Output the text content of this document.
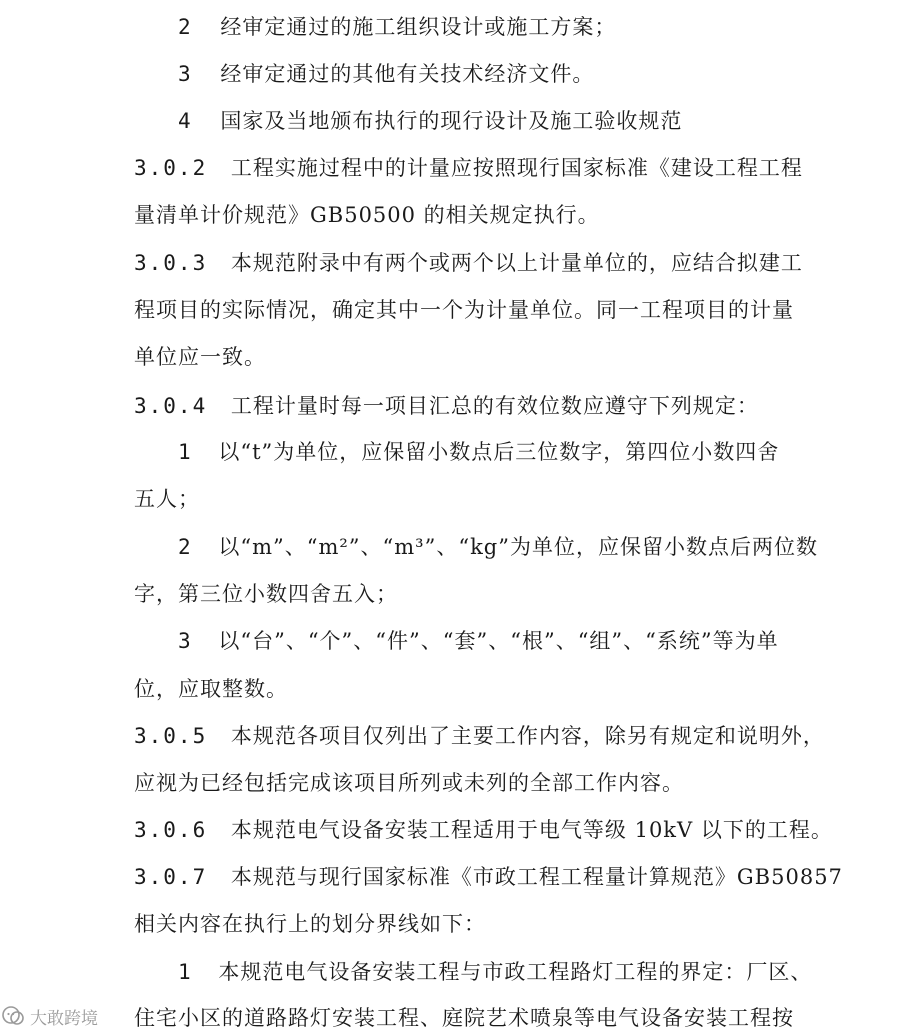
2 经审定通过的施工组织设计或施工方案；
3 经审定通过的其他有关技术经济文件。
4 国家及当地颁布执行的现行设计及施工验收规范
3.0.2 工程实施过程中的计量应按照现行国家标准《建设工程工程
量清单计价规范》GB50500 的相关规定执行。
3.0.3 本规范附录中有两个或两个以上计量单位的，应结合拟建工
程项目的实际情况，确定其中一个为计量单位。同一工程项目的计量
单位应一致。
3.0.4 工程计量时每一项目汇总的有效位数应遵守下列规定：
1 以“t”为单位，应保留小数点后三位数字，第四位小数四舍
五人；
2 以“m”、“m²”、“m³”、“kg”为单位，应保留小数点后两位数
字，第三位小数四舍五入；
3 以“台”、“个”、“件”、“套”、“根”、“组”、“系统”等为单
位，应取整数。
3.0.5 本规范各项目仅列出了主要工作内容，除另有规定和说明外，
应视为已经包括完成该项目所列或未列的全部工作内容。
3.0.6 本规范电气设备安装工程适用于电气等级 10kV 以下的工程。
3.0.7 本规范与现行国家标准《市政工程工程量计算规范》GB50857
相关内容在执行上的划分界线如下：
1 本规范电气设备安装工程与市政工程路灯工程的界定：厂区、
住宅小区的道路路灯安装工程、庭院艺术喷泉等电气设备安装工程按
大敢跨境
